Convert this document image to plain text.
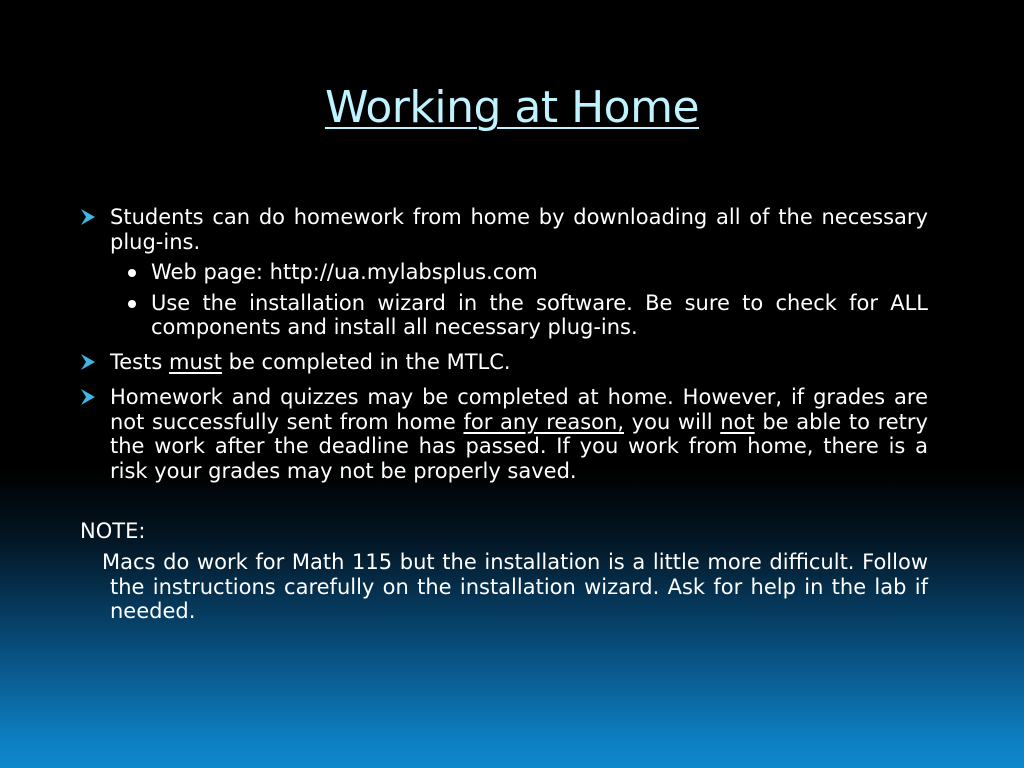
Working at Home
Students can do homework from home by downloading all of the necessary plug-ins.
Web page: http://ua.mylabsplus.com
Use the installation wizard in the software. Be sure to check for ALL components and install all necessary plug-ins.
Tests must be completed in the MTLC.
Homework and quizzes may be completed at home. However, if grades are not successfully sent from home for any reason, you will not be able to retry the work after the deadline has passed. If you work from home, there is a risk your grades may not be properly saved.
NOTE:
Macs do work for Math 115 but the installation is a little more difficult. Follow the instructions carefully on the installation wizard. Ask for help in the lab if needed.
